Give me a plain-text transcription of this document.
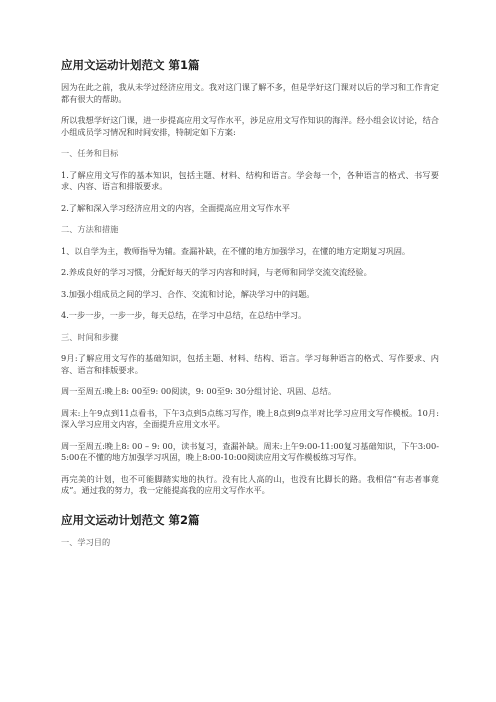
应用文运动计划范文 第1篇

因为在此之前，我从未学过经济应用文。我对这门课了解不多，但是学好这门课对以后的学习和工作肯定都有很大的帮助。

所以我想学好这门课，进一步提高应用文写作水平，涉足应用文写作知识的海洋。经小组会议讨论，结合小组成员学习情况和时间安排，特制定如下方案:

一、任务和目标

1.了解应用文写作的基本知识，包括主题、材料、结构和语言。学会每一个，各种语言的格式、书写要求、内容、语言和排版要求。

2.了解和深入学习经济应用文的内容，全面提高应用文写作水平

二、方法和措施

1、以自学为主，教师指导为辅。查漏补缺，在不懂的地方加强学习，在懂的地方定期复习巩固。

2.养成良好的学习习惯，分配好每天的学习内容和时间，与老师和同学交流交流经验。

3.加强小组成员之间的学习、合作、交流和讨论，解决学习中的问题。

4.一步一步，一步一步，每天总结，在学习中总结，在总结中学习。

三、时间和步骤

9月:了解应用文写作的基础知识，包括主题、材料、结构、语言。学习每种语言的格式、写作要求、内容、语言和排版要求。

周一至周五:晚上8: 00至9: 00阅读，9: 00至9: 30分组讨论、巩固、总结。

周末:上午9点到11点看书，下午3点到5点练习写作，晚上8点到9点半对比学习应用文写作模板。10月:深入学习应用文内容，全面提升应用文水平。

周一至周五:晚上8: 00 – 9: 00，读书复习，查漏补缺。周末:上午9:00-11:00复习基础知识，下午3:00-5:00在不懂的地方加强学习巩固，晚上8:00-10:00阅读应用文写作模板练习写作。

再完美的计划，也不可能脚踏实地的执行。没有比人高的山，也没有比脚长的路。我相信“有志者事竟成”。通过我的努力，我一定能提高我的应用文写作水平。

应用文运动计划范文 第2篇

一、学习目的
